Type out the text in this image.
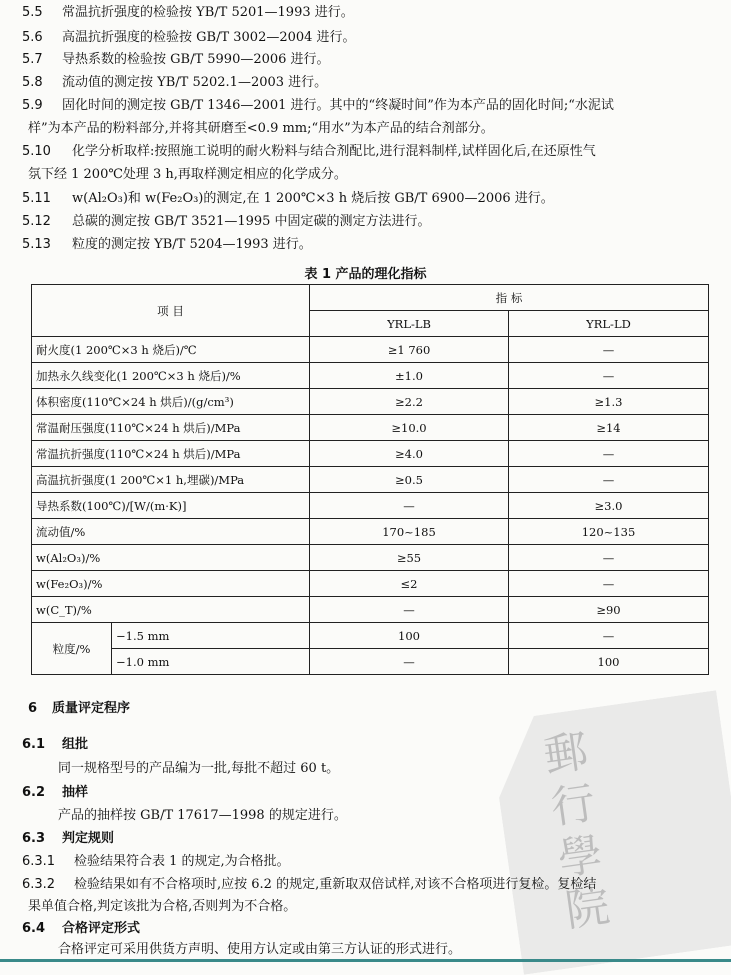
5.5 常温抗折强度的检验按 YB/T 5201—1993 进行。
5.6 高温抗折强度的检验按 GB/T 3002—2004 进行。
5.7 导热系数的检验按 GB/T 5990—2006 进行。
5.8 流动值的测定按 YB/T 5202.1—2003 进行。
5.9 固化时间的测定按 GB/T 1346—2001 进行。其中的“终凝时间”作为本产品的固化时间;“水泥试
样”为本产品的粉料部分,并将其研磨至<0.9 mm;“用水”为本产品的结合剂部分。
5.10 化学分析取样:按照施工说明的耐火粉料与结合剂配比,进行混料制样,试样固化后,在还原性气
氛下经 1 200℃处理 3 h,再取样测定相应的化学成分。
5.11 w(Al₂O₃)和 w(Fe₂O₃)的测定,在 1 200℃×3 h 烧后按 GB/T 6900—2006 进行。
5.12 总碳的测定按 GB/T 3521—1995 中固定碳的测定方法进行。
5.13 粒度的测定按 YB/T 5204—1993 进行。
表 1 产品的理化指标
项 目		指 标	
		YRL-LB	YRL-LD
耐火度(1 200℃×3 h 烧后)/℃		≥1 760	—
加热永久线变化(1 200℃×3 h 烧后)/%		±1.0	—
体积密度(110℃×24 h 烘后)/(g/cm³)		≥2.2	≥1.3
常温耐压强度(110℃×24 h 烘后)/MPa		≥10.0	≥14
常温抗折强度(110℃×24 h 烘后)/MPa		≥4.0	—
高温抗折强度(1 200℃×1 h,埋碳)/MPa		≥0.5	—
导热系数(100℃)/[W/(m·K)]		—	≥3.0
流动值/%		170~185	120~135
w(Al₂O₃)/%		≥55	—
w(Fe₂O₃)/%		≤2	—
w(C_T)/%		—	≥90
粒度/%	−1.5 mm	100	—
	−1.0 mm	—	100
郵行學院
6 质量评定程序
6.1 组批
同一规格型号的产品编为一批,每批不超过 60 t。
6.2 抽样
产品的抽样按 GB/T 17617—1998 的规定进行。
6.3 判定规则
6.3.1 检验结果符合表 1 的规定,为合格批。
6.3.2 检验结果如有不合格项时,应按 6.2 的规定,重新取双倍试样,对该不合格项进行复检。复检结
果单值合格,判定该批为合格,否则判为不合格。
6.4 合格评定形式
合格评定可采用供货方声明、使用方认定或由第三方认证的形式进行。
